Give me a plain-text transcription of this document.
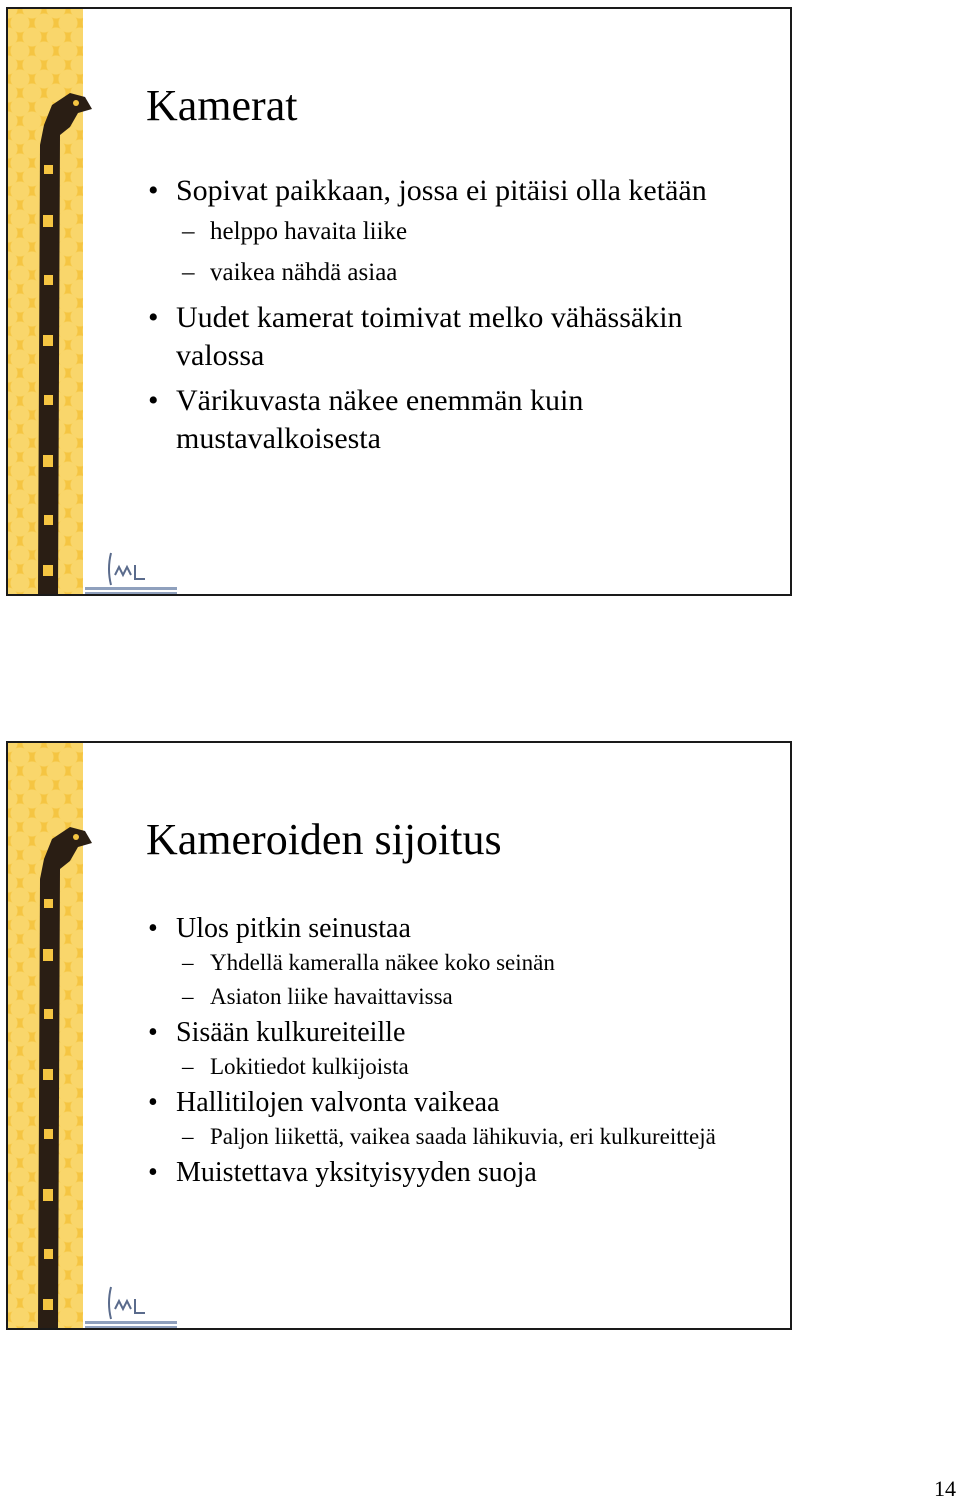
Kamerat
• Sopivat paikkaan, jossa ei pitäisi olla ketään
– helppo havaita liike
– vaikea nähdä asiaa
• Uudet kamerat toimivat melko vähässäkin valossa
• Värikuvasta näkee enemmän kuin mustavalkoisesta
Kameroiden sijoitus
• Ulos pitkin seinustaa
– Yhdellä kameralla näkee koko seinän
– Asiaton liike havaittavissa
• Sisään kulkureiteille
– Lokitiedot kulkijoista
• Hallitilojen valvonta vaikeaa
– Paljon liikettä, vaikea saada lähikuvia, eri kulkureittejä
• Muistettava yksityisyyden suoja
14
